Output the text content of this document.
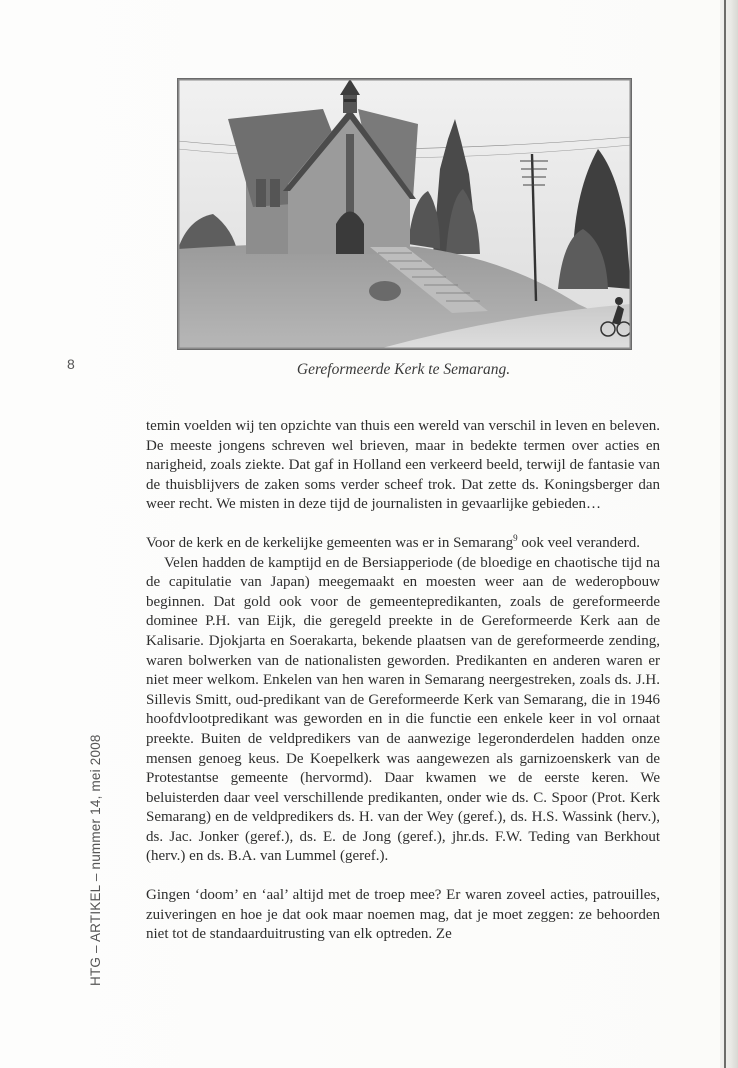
8
HTG – ARTIKEL – nummer 14, mei 2008
Gereformeerde Kerk te Semarang.

temin voelden wij ten opzichte van thuis een wereld van verschil in leven en beleven. De meeste jongens schreven wel brieven, maar in bedekte termen over acties en narigheid, zoals ziekte. Dat gaf in Holland een verkeerd beeld, terwijl de fantasie van de thuisblijvers de zaken soms verder scheef trok. Dat zette ds. Koningsberger dan weer recht. We misten in deze tijd de journalisten in gevaarlijke gebieden…

Voor de kerk en de kerkelijke gemeenten was er in Semarang$^9$ ook veel veranderd.

Velen hadden de kamptijd en de Bersiapperiode (de bloedige en chaotische tijd na de capitulatie van Japan) meegemaakt en moesten weer aan de wederopbouw beginnen. Dat gold ook voor de gemeentepredikanten, zoals de gereformeerde dominee P.H. van Eijk, die geregeld preekte in de Gereformeerde Kerk aan de Kalisarie. Djokjarta en Soerakarta, bekende plaatsen van de gereformeerde zending, waren bolwerken van de nationalisten geworden. Predikanten en anderen waren er niet meer welkom. Enkelen van hen waren in Semarang neergestreken, zoals ds. J.H. Sillevis Smitt, oud-predikant van de Gereformeerde Kerk van Semarang, die in 1946 hoofdvlootpredikant was geworden en in die functie een enkele keer in vol ornaat preekte. Buiten de veldpredikers van de aanwezige legeronderdelen hadden onze mensen genoeg keus. De Koepelkerk was aangewezen als garnizoenskerk van de Protestantse gemeente (hervormd). Daar kwamen we de eerste keren. We beluisterden daar veel verschillende predikanten, onder wie ds. C. Spoor (Prot. Kerk Semarang) en de veldpredikers ds. H. van der Wey (geref.), ds. H.S. Wassink (herv.), ds. Jac. Jonker (geref.), ds. E. de Jong (geref.), jhr.ds. F.W. Teding van Berkhout (herv.) en ds. B.A. van Lummel (geref.).

Gingen ‘doom’ en ‘aal’ altijd met de troep mee? Er waren zoveel acties, patrouilles, zuiveringen en hoe je dat ook maar noemen mag, dat je moet zeggen: ze behoorden niet tot de standaarduitrusting van elk optreden. Ze
